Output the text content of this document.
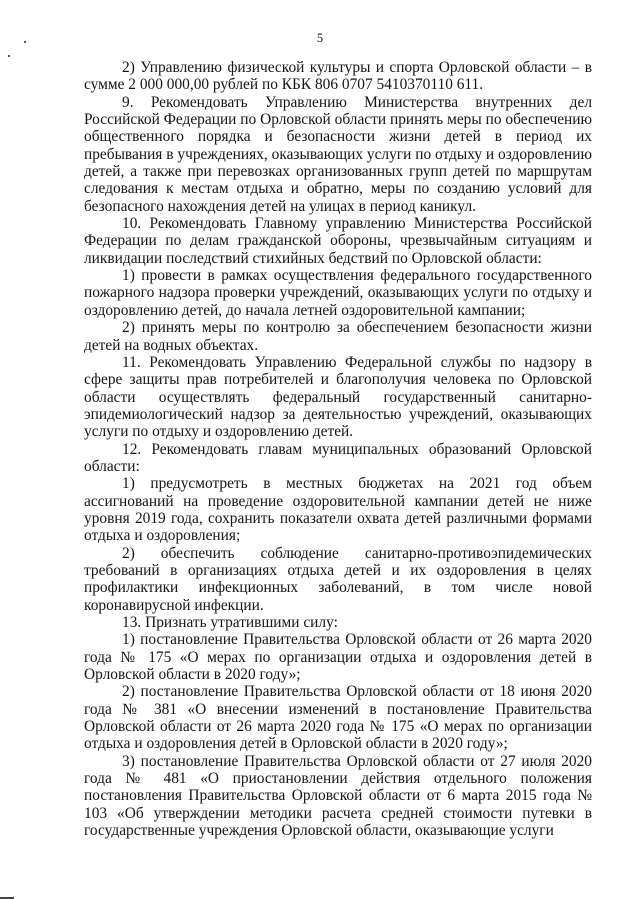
5

2) Управлению физической культуры и спорта Орловской области – в сумме 2 000 000,00 рублей по КБК 806 0707 5410370110 611.

9. Рекомендовать Управлению Министерства внутренних дел Российской Федерации по Орловской области принять меры по обеспечению общественного порядка и безопасности жизни детей в период их пребывания в учреждениях, оказывающих услуги по отдыху и оздоровлению детей, а также при перевозках организованных групп детей по маршрутам следования к местам отдыха и обратно, меры по созданию условий для безопасного нахождения детей на улицах в период каникул.

10. Рекомендовать Главному управлению Министерства Российской Федерации по делам гражданской обороны, чрезвычайным ситуациям и ликвидации последствий стихийных бедствий по Орловской области:

1) провести в рамках осуществления федерального государственного пожарного надзора проверки учреждений, оказывающих услуги по отдыху и оздоровлению детей, до начала летней оздоровительной кампании;

2) принять меры по контролю за обеспечением безопасности жизни детей на водных объектах.

11. Рекомендовать Управлению Федеральной службы по надзору в сфере защиты прав потребителей и благополучия человека по Орловской области осуществлять федеральный государственный санитарно-эпидемиологический надзор за деятельностью учреждений, оказывающих услуги по отдыху и оздоровлению детей.

12. Рекомендовать главам муниципальных образований Орловской области:

1) предусмотреть в местных бюджетах на 2021 год объем ассигнований на проведение оздоровительной кампании детей не ниже уровня 2019 года, сохранить показатели охвата детей различными формами отдыха и оздоровления;

2) обеспечить соблюдение санитарно-противоэпидемических требований в организациях отдыха детей и их оздоровления в целях профилактики инфекционных заболеваний, в том числе новой коронавирусной инфекции.

13. Признать утратившими силу:

1) постановление Правительства Орловской области от 26 марта 2020 года № 175 «О мерах по организации отдыха и оздоровления детей в Орловской области в 2020 году»;

2) постановление Правительства Орловской области от 18 июня 2020 года № 381 «О внесении изменений в постановление Правительства Орловской области от 26 марта 2020 года № 175 «О мерах по организации отдыха и оздоровления детей в Орловской области в 2020 году»;

3) постановление Правительства Орловской области от 27 июля 2020 года № 481 «О приостановлении действия отдельного положения постановления Правительства Орловской области от 6 марта 2015 года № 103 «Об утверждении методики расчета средней стоимости путевки в государственные учреждения Орловской области, оказывающие услуги
